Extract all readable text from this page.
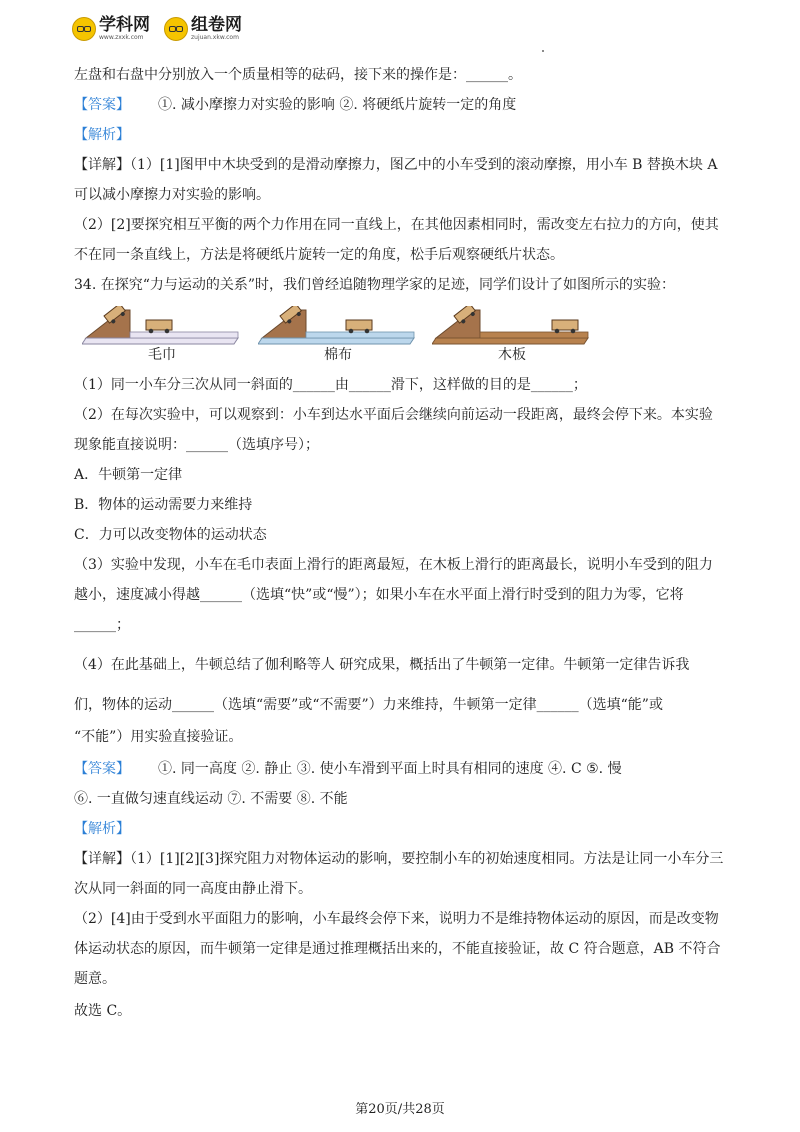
学科网
www.zxxk.com
组卷网
zujuan.xkw.com
左盘和右盘中分别放入一个质量相等的砝码，接下来的操作是：______。
【答案】 ①. 减小摩擦力对实验的影响 ②. 将硬纸片旋转一定的角度
【解析】
【详解】（1）[1]图甲中木块受到的是滑动摩擦力，图乙中的小车受到的滚动摩擦，用小车 B 替换木块 A
可以减小摩擦力对实验的影响。
（2）[2]要探究相互平衡的两个力作用在同一直线上，在其他因素相同时，需改变左右拉力的方向，使其
不在同一条直线上，方法是将硬纸片旋转一定的角度，松手后观察硬纸片状态。
34. 在探究“力与运动的关系”时，我们曾经追随物理学家的足迹，同学们设计了如图所示的实验：
毛巾	棉布	木板
（1）同一小车分三次从同一斜面的______由______滑下，这样做的目的是______；
（2）在每次实验中，可以观察到：小车到达水平面后会继续向前运动一段距离，最终会停下来。本实验
现象能直接说明：______（选填序号）；
A．牛顿第一定律
B．物体的运动需要力来维持
C．力可以改变物体的运动状态
（3）实验中发现，小车在毛巾表面上滑行的距离最短，在木板上滑行的距离最长，说明小车受到的阻力
越小，速度减小得越______（选填“快”或“慢”）；如果小车在水平面上滑行时受到的阻力为零，它将
______；
（4）在此基础上，牛顿总结了伽利略等人 研究成果，概括出了牛顿第一定律。牛顿第一定律告诉我
们，物体的运动______（选填“需要”或“不需要”）力来维持，牛顿第一定律______（选填“能”或
“不能”）用实验直接验证。
【答案】 ①. 同一高度 ②. 静止 ③. 使小车滑到平面上时具有相同的速度 ④. C ⑤. 慢
⑥. 一直做匀速直线运动 ⑦. 不需要 ⑧. 不能
【解析】
【详解】（1）[1][2][3]探究阻力对物体运动的影响，要控制小车的初始速度相同。方法是让同一小车分三
次从同一斜面的同一高度由静止滑下。
（2）[4]由于受到水平面阻力的影响，小车最终会停下来，说明力不是维持物体运动的原因，而是改变物
体运动状态的原因，而牛顿第一定律是通过推理概括出来的，不能直接验证，故 C 符合题意，AB 不符合
题意。
故选 C。
第20页/共28页
